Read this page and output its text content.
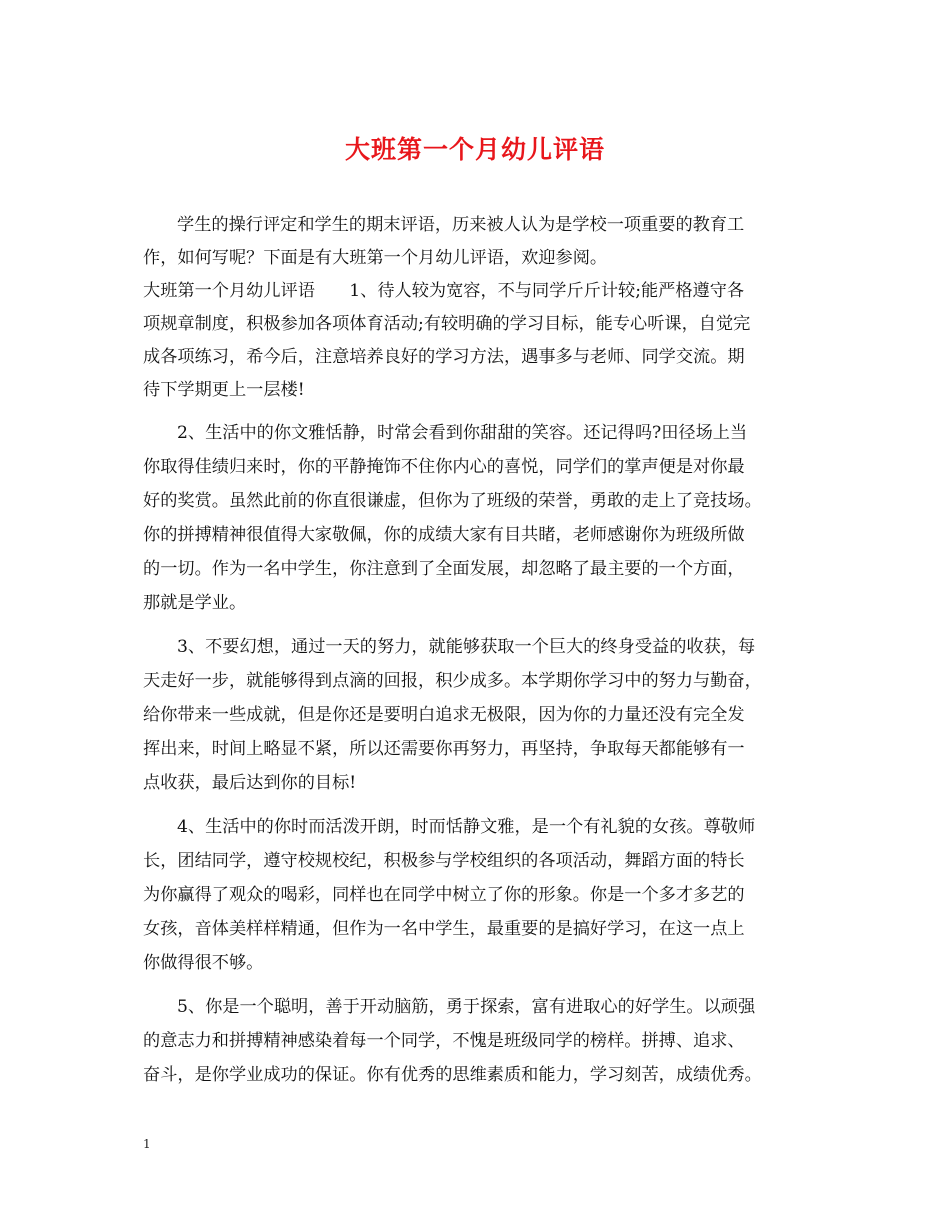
大班第一个月幼儿评语
学生的操行评定和学生的期末评语，历来被人认为是学校一项重要的教育工
作，如何写呢？下面是有大班第一个月幼儿评语，欢迎参阅。
大班第一个月幼儿评语　　1、待人较为宽容，不与同学斤斤计较;能严格遵守各
项规章制度，积极参加各项体育活动;有较明确的学习目标，能专心听课，自觉完
成各项练习，希今后，注意培养良好的学习方法，遇事多与老师、同学交流。期
待下学期更上一层楼!
2、生活中的你文雅恬静，时常会看到你甜甜的笑容。还记得吗?田径场上当
你取得佳绩归来时，你的平静掩饰不住你内心的喜悦，同学们的掌声便是对你最
好的奖赏。虽然此前的你直很谦虚，但你为了班级的荣誉，勇敢的走上了竞技场。
你的拼搏精神很值得大家敬佩，你的成绩大家有目共睹，老师感谢你为班级所做
的一切。作为一名中学生，你注意到了全面发展，却忽略了最主要的一个方面，
那就是学业。
3、不要幻想，通过一天的努力，就能够获取一个巨大的终身受益的收获，每
天走好一步，就能够得到点滴的回报，积少成多。本学期你学习中的努力与勤奋，
给你带来一些成就，但是你还是要明白追求无极限，因为你的力量还没有完全发
挥出来，时间上略显不紧，所以还需要你再努力，再坚持，争取每天都能够有一
点收获，最后达到你的目标!
4、生活中的你时而活泼开朗，时而恬静文雅，是一个有礼貌的女孩。尊敬师
长，团结同学，遵守校规校纪，积极参与学校组织的各项活动，舞蹈方面的特长
为你赢得了观众的喝彩，同样也在同学中树立了你的形象。你是一个多才多艺的
女孩，音体美样样精通，但作为一名中学生，最重要的是搞好学习，在这一点上
你做得很不够。
5、你是一个聪明，善于开动脑筋，勇于探索，富有进取心的好学生。以顽强
的意志力和拼搏精神感染着每一个同学，不愧是班级同学的榜样。拼搏、追求、
奋斗，是你学业成功的保证。你有优秀的思维素质和能力，学习刻苦，成绩优秀。
1
